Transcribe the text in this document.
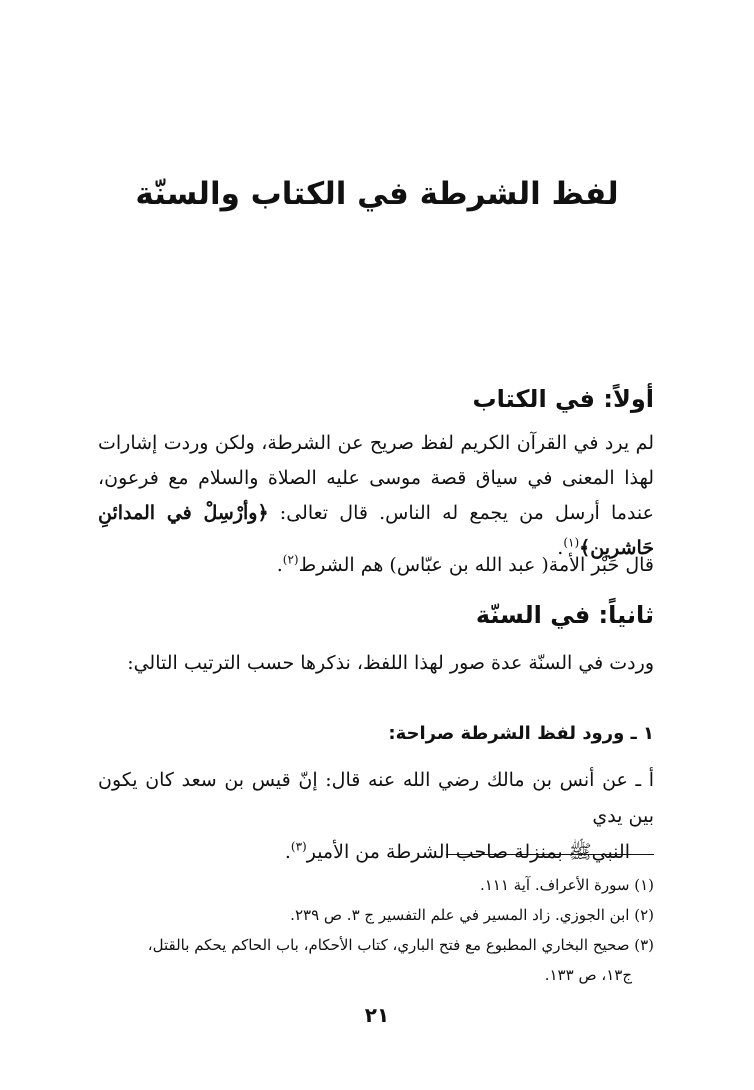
لفظ الشرطة في الكتاب والسنّة
أولاً: في الكتاب

لم يرد في القرآن الكريم لفظ صريح عن الشرطة، ولكن وردت إشارات لهذا المعنى في سياق قصة موسى عليه الصلاة والسلام مع فرعون، عندما أرسل من يجمع له الناس. قال تعالى: ﴿وأرْسِلْ في المدائنِ حَاشرين﴾$^{(١)}$.

قال حَبْر الأمة( عبد الله بن عبّاس) هم الشرط$^{(٢)}$.

ثانياً: في السنّة

وردت في السنّة عدة صور لهذا اللفظ، نذكرها حسب الترتيب التالي:

١ ـ ورود لفظ الشرطة صراحة:

أ ـ عن أنس بن مالك رضي الله عنه قال: إنّ قيس بن سعد كان يكون بين يدي
النبيﷺ بمنزلة صاحب الشرطة من الأمير$^{(٣)}$.

(١) سورة الأعراف. آية ١١١.
(٢) ابن الجوزي. زاد المسير في علم التفسير ج ٣. ص ٢٣٩.
(٣) صحيح البخاري المطبوع مع فتح الباري، كتاب الأحكام، باب الحاكم يحكم بالقتل،
ج١٣، ص ١٣٣.
٢١
